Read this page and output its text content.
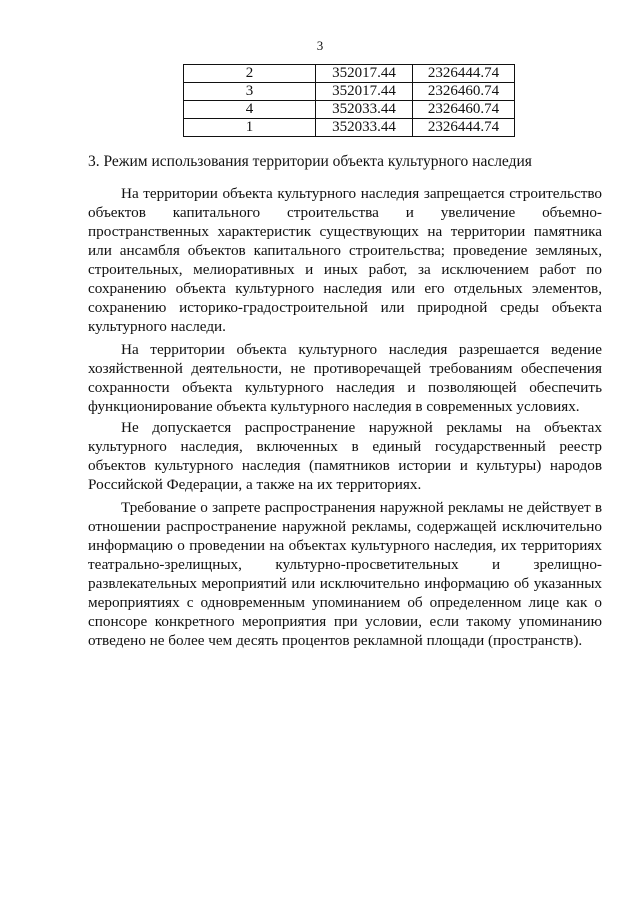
3
2	352017.44	2326444.74
3	352017.44	2326460.74
4	352033.44	2326460.74
1	352033.44	2326444.74
3. Режим использования территории объекта культурного наследия

На территории объекта культурного наследия запрещается строительство объектов капитального строительства и увеличение объемно-пространственных характеристик существующих на территории памятника или ансамбля объектов капитального строительства; проведение земляных, строительных, мелиоративных и иных работ, за исключением работ по сохранению объекта культурного наследия или его отдельных элементов, сохранению историко-градостроительной или природной среды объекта культурного наследи.

На территории объекта культурного наследия разрешается ведение хозяйственной деятельности, не противоречащей требованиям обеспечения сохранности объекта культурного наследия и позволяющей обеспечить функционирование объекта культурного наследия в современных условиях.

Не допускается распространение наружной рекламы на объектах культурного наследия, включенных в единый государственный реестр объектов культурного наследия (памятников истории и культуры) народов Российской Федерации, а также на их территориях.

Требование о запрете распространения наружной рекламы не действует в отношении распространение наружной рекламы, содержащей исключительно информацию о проведении на объектах культурного наследия, их территориях театрально-зрелищных, культурно-просветительных и зрелищно-развлекательных мероприятий или исключительно информацию об указанных мероприятиях с одновременным упоминанием об определенном лице как о спонсоре конкретного мероприятия при условии, если такому упоминанию отведено не более чем десять процентов рекламной площади (пространств).
